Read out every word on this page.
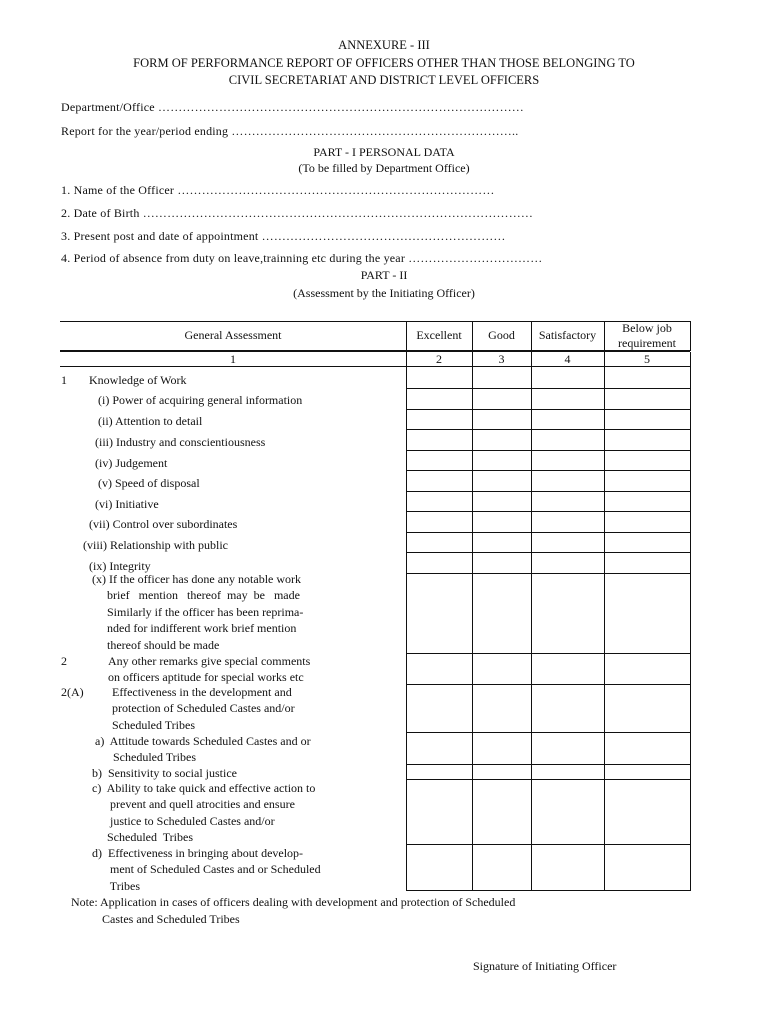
ANNEXURE - III
FORM OF PERFORMANCE REPORT OF OFFICERS OTHER THAN THOSE BELONGING TO
CIVIL SECRETARIAT AND DISTRICT LEVEL OFFICERS
Department/Office ………………………………………………………………………………
Report for the year/period ending ……………………………………………………………..
PART - I PERSONAL DATA
(To be filled by Department Office)
1. Name of the Officer ……………………………………………………………………
2. Date of Birth ……………………………………………………………………………………
3. Present post and date of appointment ……………………………………………………
4. Period of absence from duty on leave,trainning etc during the year ……………………………
PART - II
(Assessment by the Initiating Officer)
General Assessment	Excellent	Good	Satisfactory	Below job
requirement
1	2	3	4	5
1 Knowledge of Work
(i) Power of acquiring general information
(ii) Attention to detail
(iii) Industry and conscientiousness
(iv) Judgement
(v) Speed of disposal
(vi) Initiative
(vii) Control over subordinates
(viii) Relationship with public
(ix) Integrity
(x) If the officer has done any notable work
brief   mention   thereof  may  be   made
Similarly if the officer has been reprima-
nded for indifferent work brief mention
thereof should be made
2	Any other remarks give special comments
on officers aptitude for special works etc
2(A) Effectiveness in the development and
protection of Scheduled Castes and/or
Scheduled Tribes
a)  Attitude towards Scheduled Castes and or
Scheduled Tribes
b)  Sensitivity to social justice
c)  Ability to take quick and effective action to
prevent and quell atrocities and ensure
justice to Scheduled Castes and/or
Scheduled  Tribes
d)  Effectiveness in bringing about develop-
ment of Scheduled Castes and or Scheduled
Tribes
Note: Application in cases of officers dealing with development and protection of Scheduled
Castes and Scheduled Tribes
Signature of Initiating Officer
